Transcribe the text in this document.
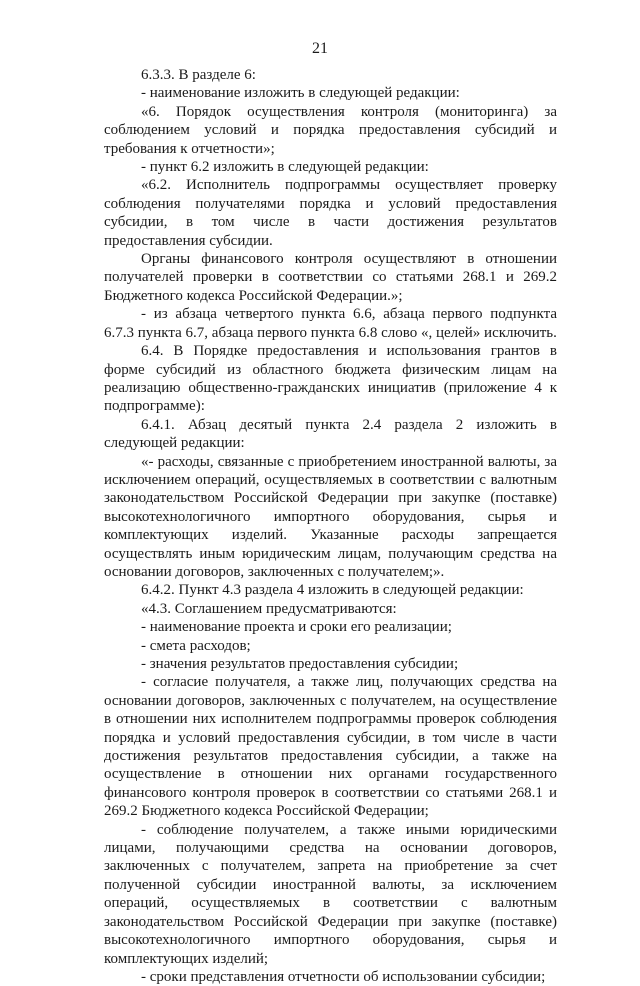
21

6.3.3. В разделе 6:

- наименование изложить в следующей редакции:

«6. Порядок осуществления контроля (мониторинга) за соблюдением условий и порядка предоставления субсидий и требования к отчетности»;

- пункт 6.2 изложить в следующей редакции:

«6.2. Исполнитель подпрограммы осуществляет проверку соблюдения получателями порядка и условий предоставления субсидии, в том числе в части достижения результатов предоставления субсидии.

Органы финансового контроля осуществляют в отношении получателей проверки в соответствии со статьями 268.1 и 269.2 Бюджетного кодекса Российской Федерации.»;

- из абзаца четвертого пункта 6.6, абзаца первого подпункта 6.7.3 пункта 6.7, абзаца первого пункта 6.8 слово «, целей» исключить.

6.4. В Порядке предоставления и использования грантов в форме субсидий из областного бюджета физическим лицам на реализацию общественно-гражданских инициатив (приложение 4 к подпрограмме):

6.4.1. Абзац десятый пункта 2.4 раздела 2 изложить в следующей редакции:

«- расходы, связанные с приобретением иностранной валюты, за исключением операций, осуществляемых в соответствии с валютным законодательством Российской Федерации при закупке (поставке) высокотехнологичного импортного оборудования, сырья и комплектующих изделий. Указанные расходы запрещается осуществлять иным юридическим лицам, получающим средства на основании договоров, заключенных с получателем;».

6.4.2. Пункт 4.3 раздела 4 изложить в следующей редакции:

«4.3. Соглашением предусматриваются:

- наименование проекта и сроки его реализации;

- смета расходов;

- значения результатов предоставления субсидии;

- согласие получателя, а также лиц, получающих средства на основании договоров, заключенных с получателем, на осуществление в отношении них исполнителем подпрограммы проверок соблюдения порядка и условий предоставления субсидии, в том числе в части достижения результатов предоставления субсидии, а также на осуществление в отношении них органами государственного финансового контроля проверок в соответствии со статьями 268.1 и 269.2 Бюджетного кодекса Российской Федерации;

- соблюдение получателем, а также иными юридическими лицами, получающими средства на основании договоров, заключенных с получателем, запрета на приобретение за счет полученной субсидии иностранной валюты, за исключением операций, осуществляемых в соответствии с валютным законодательством Российской Федерации при закупке (поставке) высокотехнологичного импортного оборудования, сырья и комплектующих изделий;

- сроки представления отчетности об использовании субсидии;
